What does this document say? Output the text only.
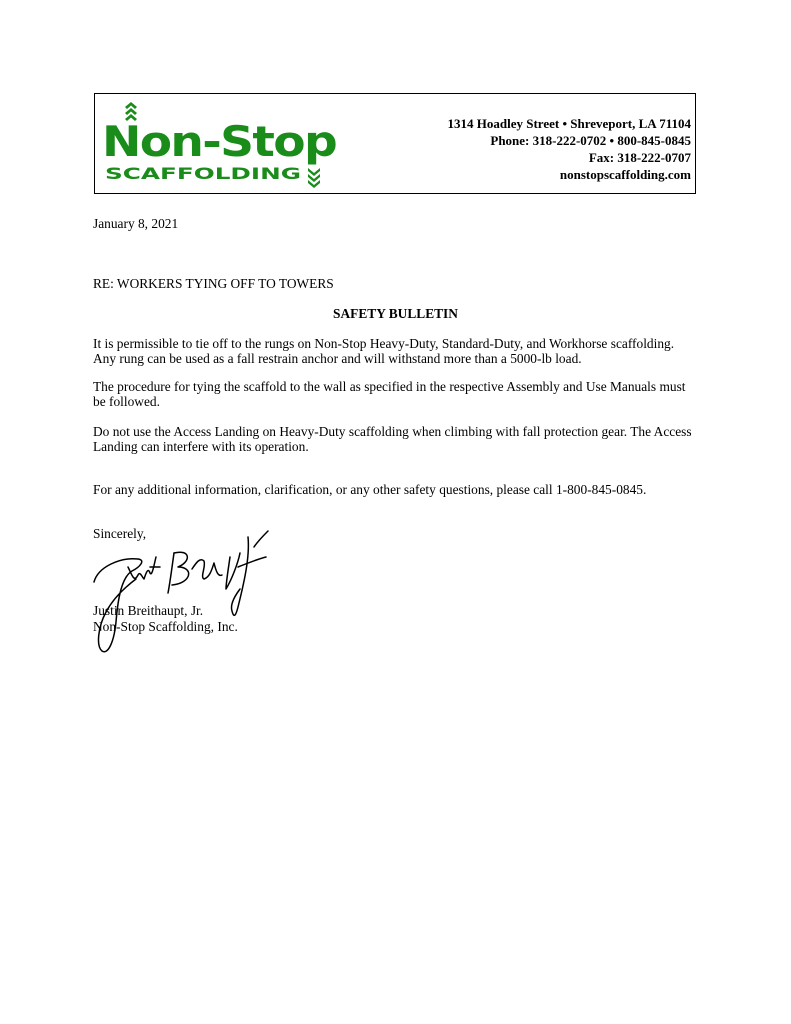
Non-Stop
SCAFFOLDING
1314 Hoadley Street • Shreveport, LA 71104
Phone: 318-222-0702 • 800-845-0845
Fax: 318-222-0707
nonstopscaffolding.com
January 8, 2021
RE: WORKERS TYING OFF TO TOWERS
SAFETY BULLETIN
It is permissible to tie off to the rungs on Non-Stop Heavy-Duty, Standard-Duty, and Workhorse scaffolding. Any rung can be used as a fall restrain anchor and will withstand more than a 5000-lb load.
The procedure for tying the scaffold to the wall as specified in the respective Assembly and Use Manuals must be followed.
Do not use the Access Landing on Heavy-Duty scaffolding when climbing with fall protection gear. The Access Landing can interfere with its operation.
For any additional information, clarification, or any other safety questions, please call 1-800-845-0845.
Sincerely,
Justin Breithaupt, Jr.
Non-Stop Scaffolding, Inc.
